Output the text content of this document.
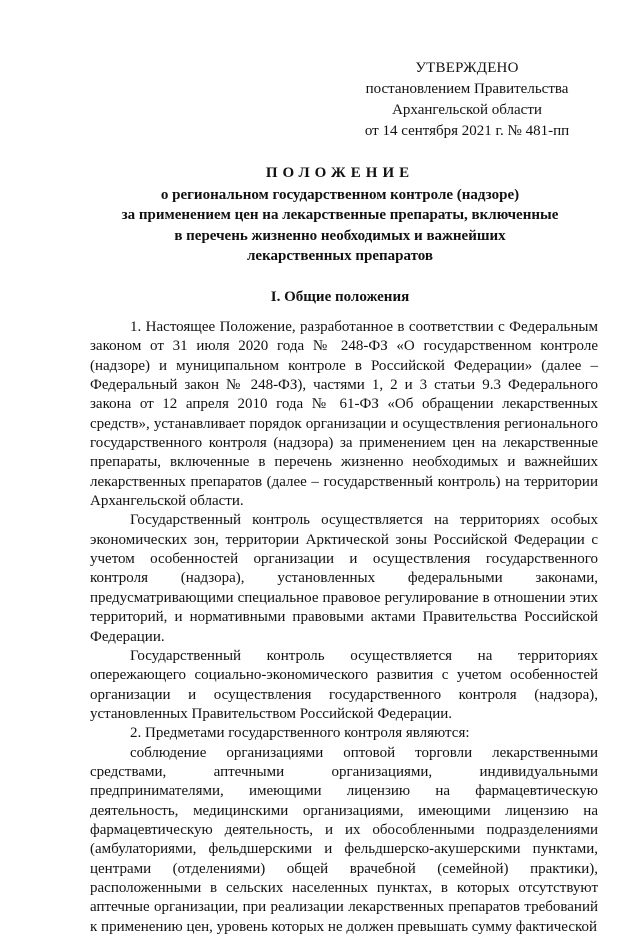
УТВЕРЖДЕНО
постановлением Правительства
Архангельской области
от 14 сентября 2021 г. № 481-пп
ПОЛОЖЕНИЕ
о региональном государственном контроле (надзоре)
за применением цен на лекарственные препараты, включенные
в перечень жизненно необходимых и важнейших
лекарственных препаратов
I. Общие положения

1. Настоящее Положение, разработанное в соответствии с Федеральным законом от 31 июля 2020 года № 248-ФЗ «О государственном контроле (надзоре) и муниципальном контроле в Российской Федерации» (далее – Федеральный закон № 248-ФЗ), частями 1, 2 и 3 статьи 9.3 Федерального закона от 12 апреля 2010 года № 61-ФЗ «Об обращении лекарственных средств», устанавливает порядок организации и осуществления регионального государственного контроля (надзора) за применением цен на лекарственные препараты, включенные в перечень жизненно необходимых и важнейших лекарственных препаратов (далее – государственный контроль) на территории Архангельской области.

Государственный контроль осуществляется на территориях особых экономических зон, территории Арктической зоны Российской Федерации с учетом особенностей организации и осуществления государственного контроля (надзора), установленных федеральными законами, предусматривающими специальное правовое регулирование в отношении этих территорий, и нормативными правовыми актами Правительства Российской Федерации.

Государственный контроль осуществляется на территориях опережающего социально-экономического развития с учетом особенностей организации и осуществления государственного контроля (надзора), установленных Правительством Российской Федерации.

2. Предметами государственного контроля являются:

соблюдение организациями оптовой торговли лекарственными средствами, аптечными организациями, индивидуальными предпринимателями, имеющими лицензию на фармацевтическую деятельность, медицинскими организациями, имеющими лицензию на фармацевтическую деятельность, и их обособленными подразделениями (амбулаториями, фельдшерскими и фельдшерско-акушерскими пунктами, центрами (отделениями) общей врачебной (семейной) практики), расположенными в сельских населенных пунктах, в которых отсутствуют аптечные организации, при реализации лекарственных препаратов требований к применению цен, уровень которых не должен превышать сумму фактической
